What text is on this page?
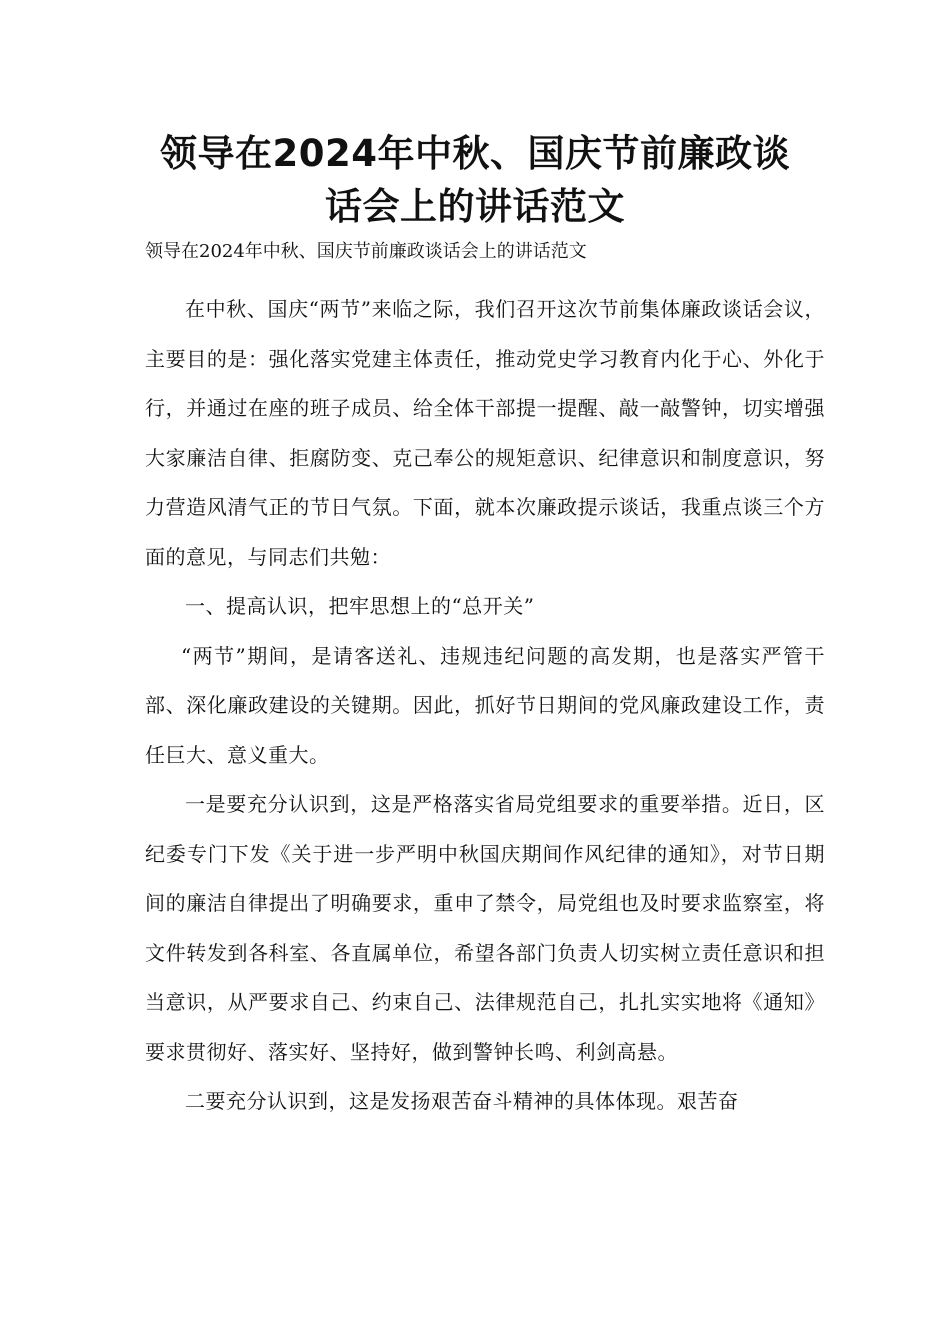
领导在2024年中秋、国庆节前廉政谈
话会上的讲话范文

领导在2024年中秋、国庆节前廉政谈话会上的讲话范文

在中秋、国庆“两节”来临之际，我们召开这次节前集体廉政谈话会议，主要目的是：强化落实党建主体责任，推动党史学习教育内化于心、外化于行，并通过在座的班子成员、给全体干部提一提醒、敲一敲警钟，切实增强大家廉洁自律、拒腐防变、克己奉公的规矩意识、纪律意识和制度意识，努力营造风清气正的节日气氛。下面，就本次廉政提示谈话，我重点谈三个方面的意见，与同志们共勉：

一、提高认识，把牢思想上的“总开关”

“两节”期间，是请客送礼、违规违纪问题的高发期，也是落实严管干部、深化廉政建设的关键期。因此，抓好节日期间的党风廉政建设工作，责任巨大、意义重大。

一是要充分认识到，这是严格落实省局党组要求的重要举措。近日，区纪委专门下发《关于进一步严明中秋国庆期间作风纪律的通知》，对节日期间的廉洁自律提出了明确要求，重申了禁令，局党组也及时要求监察室，将文件转发到各科室、各直属单位，希望各部门负责人切实树立责任意识和担当意识，从严要求自己、约束自己、法律规范自己，扎扎实实地将《通知》要求贯彻好、落实好、坚持好，做到警钟长鸣、利剑高悬。

二要充分认识到，这是发扬艰苦奋斗精神的具体体现。艰苦奋
